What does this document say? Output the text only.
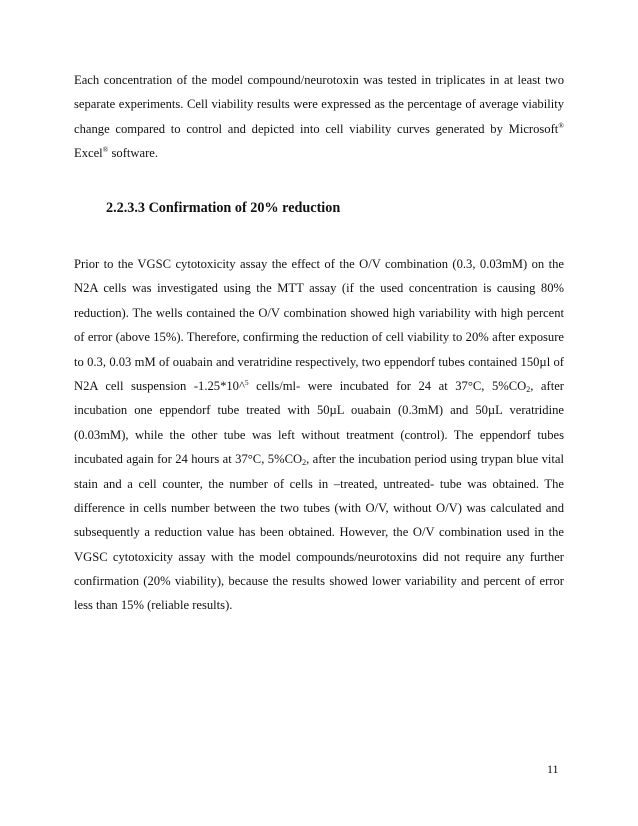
Each concentration of the model compound/neurotoxin was tested in triplicates in at least two
separate experiments. Cell viability results were expressed as the percentage of average viability
change compared to control and depicted into cell viability curves generated by Microsoft®
Excel® software.
2.2.3.3 Confirmation of 20% reduction
Prior to the VGSC cytotoxicity assay the effect of the O/V combination (0.3, 0.03mM) on the
N2A cells was investigated using the MTT assay (if the used concentration is causing 80%
reduction). The wells contained the O/V combination showed high variability with high percent
of error (above 15%). Therefore, confirming the reduction of cell viability to 20% after exposure
to 0.3, 0.03 mM of ouabain and veratridine respectively, two eppendorf tubes contained 150µl of
N2A cell suspension -1.25*10^$^5$ cells/ml- were incubated for 24 at 37°C, $5\%CO_2$, after
incubation one eppendorf tube treated with 50µL ouabain (0.3mM) and 50µL veratridine
(0.03mM), while the other tube was left without treatment (control). The eppendorf tubes
incubated again for 24 hours at 37°C, $5\%CO_2$, after the incubation period using trypan blue vital
stain and a cell counter, the number of cells in –treated, untreated- tube was obtained. The
difference in cells number between the two tubes (with O/V, without O/V) was calculated and
subsequently a reduction value has been obtained. However, the O/V combination used in the
VGSC cytotoxicity assay with the model compounds/neurotoxins did not require any further
confirmation (20% viability), because the results showed lower variability and percent of error
less than 15% (reliable results).
11
